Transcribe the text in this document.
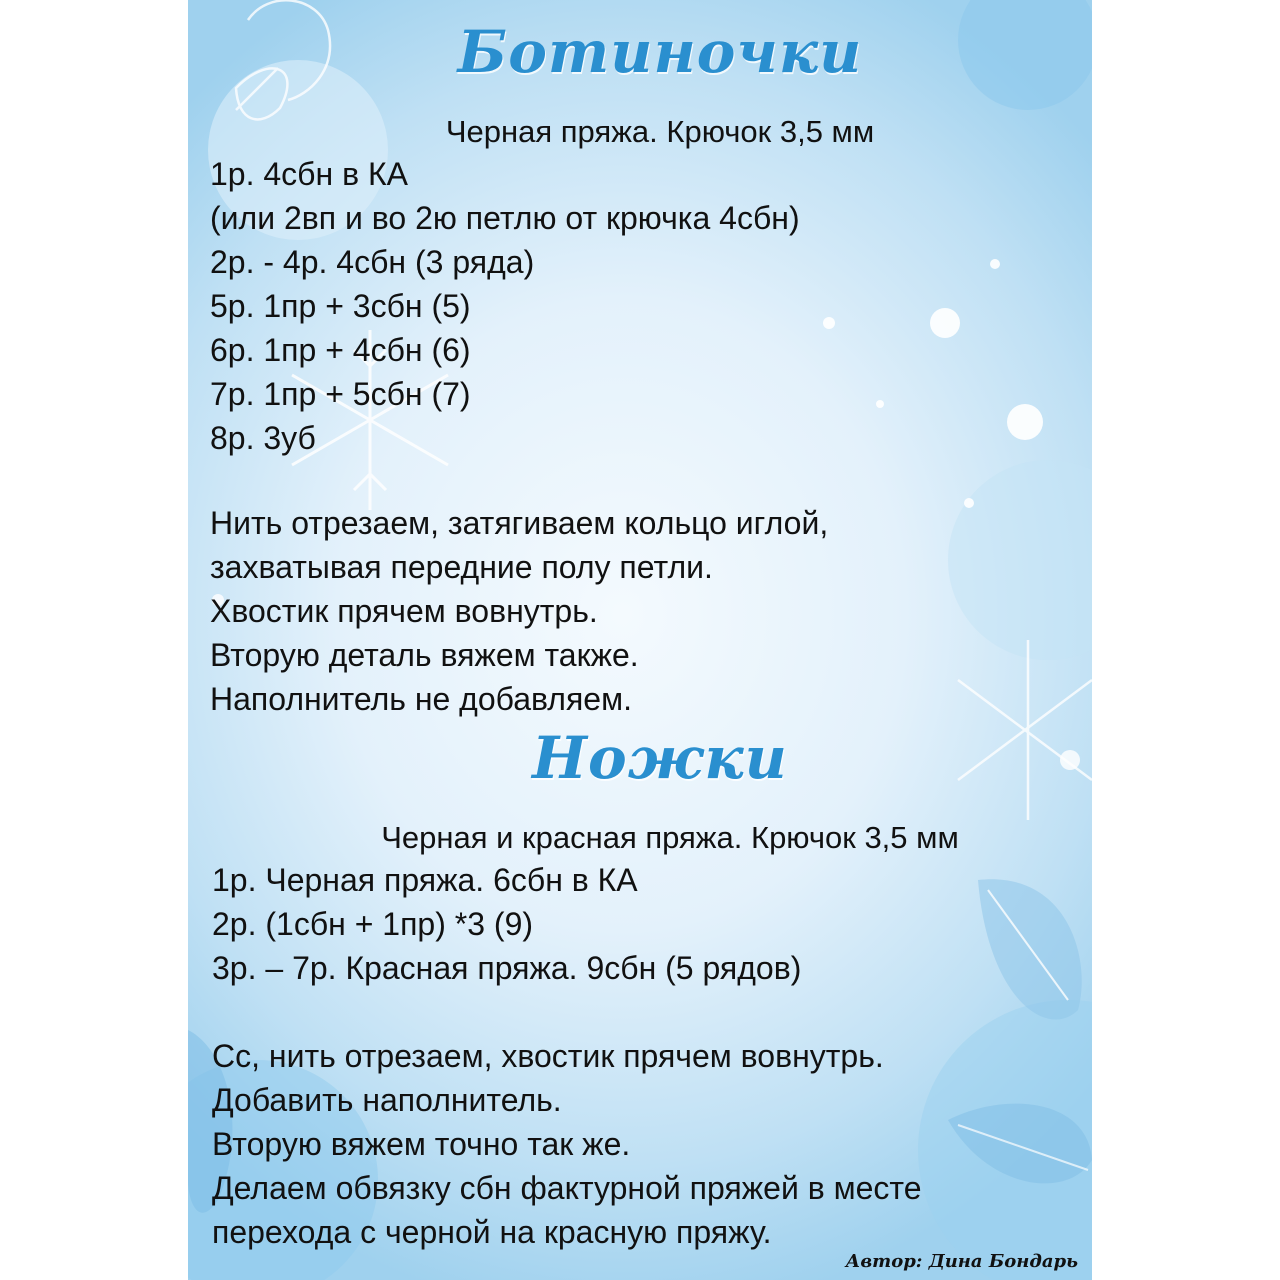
Ботиночки
Черная пряжа. Крючок 3,5 мм
1р. 4сбн в КА
(или 2вп и во 2ю петлю от крючка 4сбн)
2р. - 4р. 4сбн (3 ряда)
5р. 1пр + 3сбн (5)
6р. 1пр + 4сбн (6)
7р. 1пр + 5сбн (7)
8р. 3уб
Нить отрезаем, затягиваем кольцо иглой,
захватывая передние полу петли.
Хвостик прячем вовнутрь.
Вторую деталь вяжем также.
Наполнитель не добавляем.
Ножки
Черная и красная пряжа. Крючок 3,5 мм
1р. Черная пряжа. 6сбн в КА
2р. (1сбн + 1пр) *3 (9)
3р. – 7р. Красная пряжа. 9сбн (5 рядов)
Сс, нить отрезаем, хвостик прячем вовнутрь.
Добавить наполнитель.
Вторую вяжем точно так же.
Делаем обвязку сбн фактурной пряжей в месте
перехода с черной на красную пряжу.
Автор: Дина Бондарь
